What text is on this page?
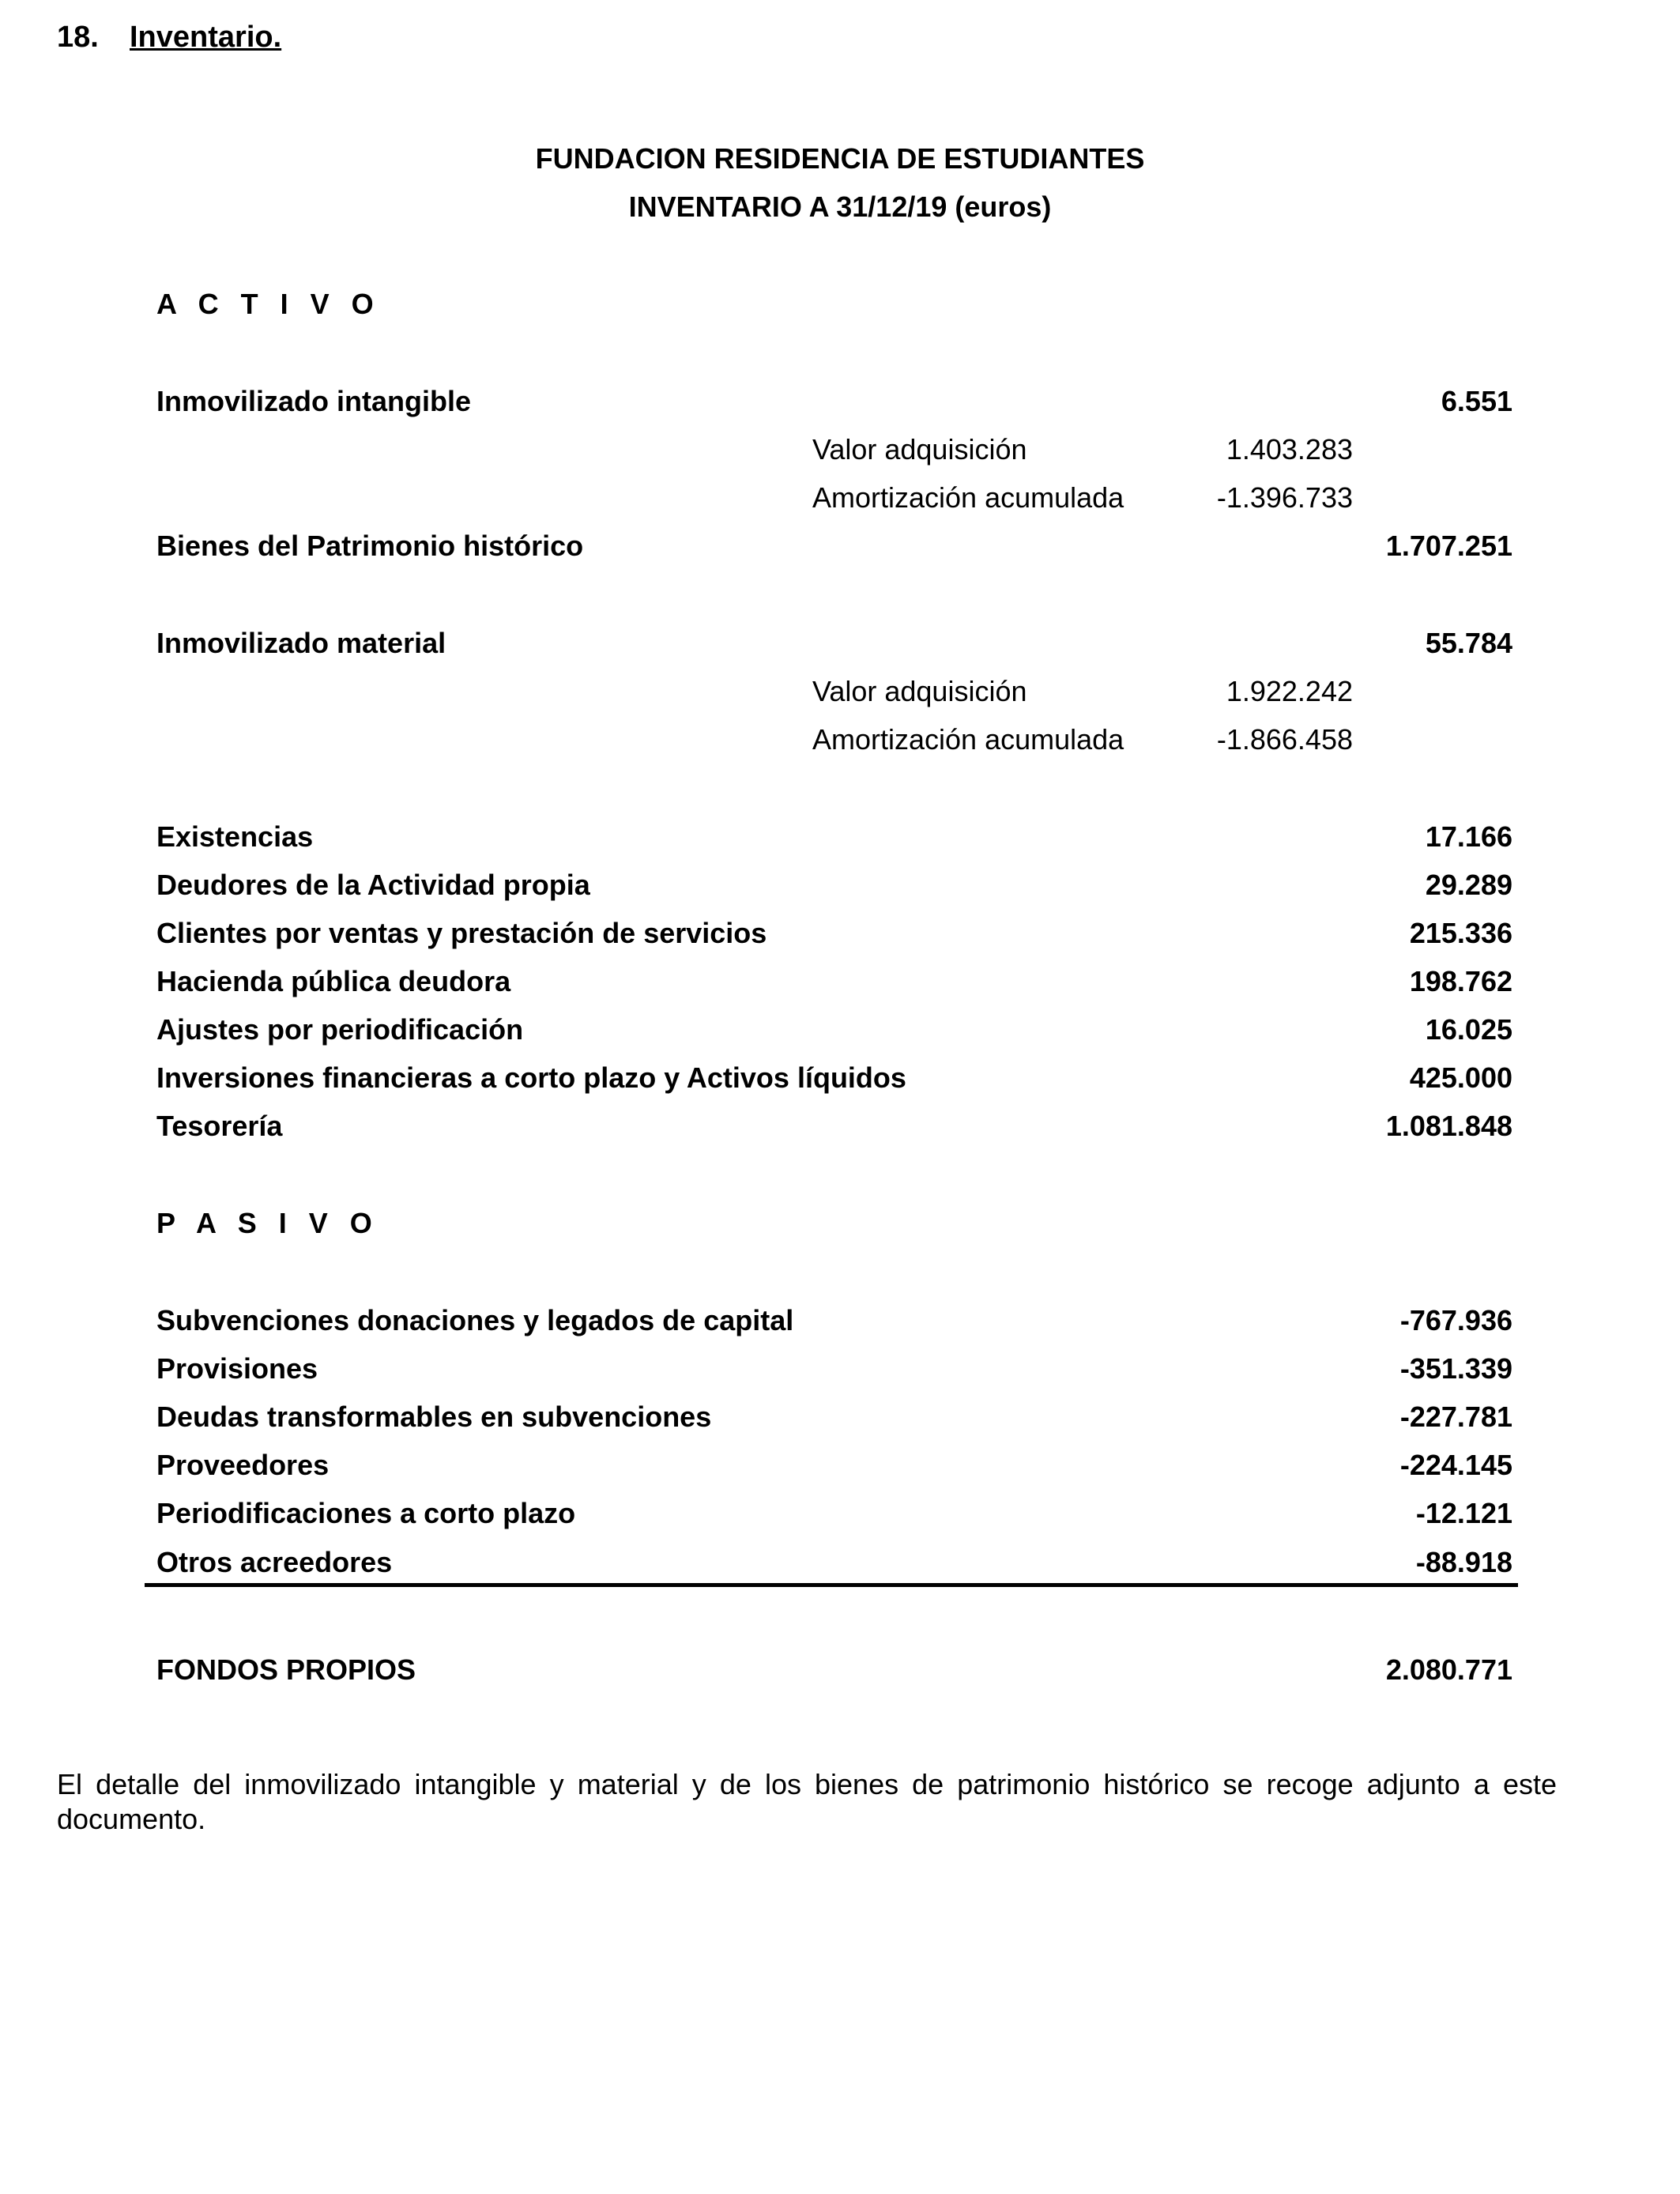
18. Inventario.
FUNDACION RESIDENCIA DE ESTUDIANTES
INVENTARIO A 31/12/19 (euros)
A C T I V O
Inmovilizado intangible	6.551
Valor adquisición	1.403.283
Amortización acumulada	-1.396.733
Bienes del Patrimonio histórico	1.707.251
Inmovilizado material	55.784
Valor adquisición	1.922.242
Amortización acumulada	-1.866.458
Existencias	17.166
Deudores de la Actividad propia	29.289
Clientes por ventas y prestación de servicios	215.336
Hacienda pública deudora	198.762
Ajustes por periodificación	16.025
Inversiones financieras a corto plazo y Activos líquidos	425.000
Tesorería	1.081.848
P A S I V O
Subvenciones donaciones y legados de capital	-767.936
Provisiones	-351.339
Deudas transformables en subvenciones	-227.781
Proveedores	-224.145
Periodificaciones a corto plazo	-12.121
Otros acreedores	-88.918
FONDOS PROPIOS	2.080.771
El detalle del inmovilizado intangible y material y de los bienes de patrimonio histórico se recoge adjunto a este documento.
